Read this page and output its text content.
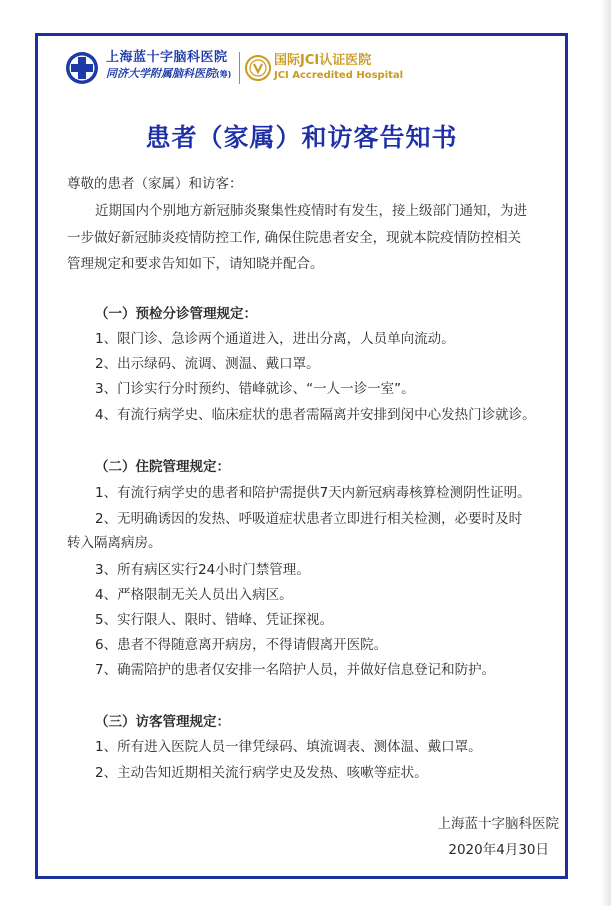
上海蓝十字脑科医院
同济大学附属脑科医院(筹)
国际JCI认证医院
JCI Accredited Hospital
患者（家属）和访客告知书
尊敬的患者（家属）和访客：
近期国内个别地方新冠肺炎聚集性疫情时有发生，接上级部门通知，为进
一步做好新冠肺炎疫情防控工作, 确保住院患者安全，现就本院疫情防控相关
管理规定和要求告知如下，请知晓并配合。
（一）预检分诊管理规定：
1、限门诊、急诊两个通道进入，进出分离，人员单向流动。
2、出示绿码、流调、测温、戴口罩。
3、门诊实行分时预约、错峰就诊、“一人一诊一室”。
4、有流行病学史、临床症状的患者需隔离并安排到闵中心发热门诊就诊。
（二）住院管理规定：
1、有流行病学史的患者和陪护需提供7天内新冠病毒核算检测阴性证明。
2、无明确诱因的发热、呼吸道症状患者立即进行相关检测，必要时及时
转入隔离病房。
3、所有病区实行24小时门禁管理。
4、严格限制无关人员出入病区。
5、实行限人、限时、错峰、凭证探视。
6、患者不得随意离开病房，不得请假离开医院。
7、确需陪护的患者仅安排一名陪护人员，并做好信息登记和防护。
（三）访客管理规定：
1、所有进入医院人员一律凭绿码、填流调表、测体温、戴口罩。
2、主动告知近期相关流行病学史及发热、咳嗽等症状。
上海蓝十字脑科医院
2020年4月30日
